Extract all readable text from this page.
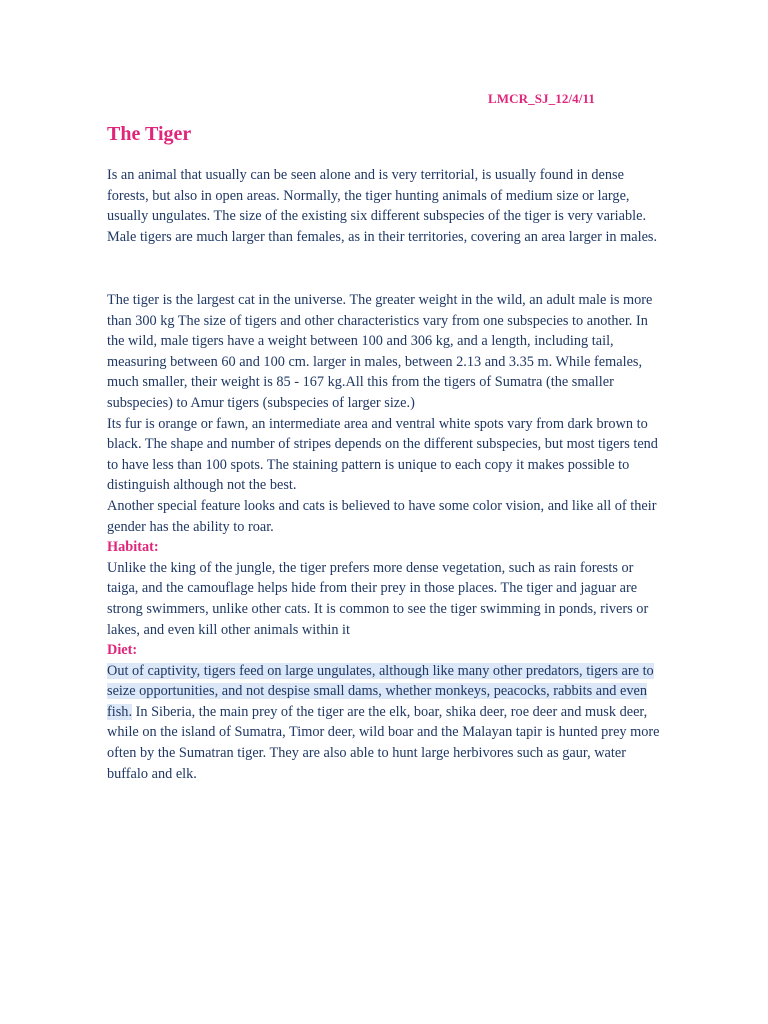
LMCR_SJ_12/4/11
The Tiger

Is an animal that usually can be seen alone and is very territorial, is usually found in dense forests, but also in open areas. Normally, the tiger hunting animals of medium size or large, usually ungulates. The size of the existing six different subspecies of the tiger is very variable. Male tigers are much larger than females, as in their territories, covering an area larger in males.

The tiger is the largest cat in the universe. The greater weight in the wild, an adult male is more than 300 kg The size of tigers and other characteristics vary from one subspecies to another. In the wild, male tigers have a weight between 100 and 306 kg, and a length, including tail, measuring between 60 and 100 cm. larger in males, between 2.13 and 3.35 m. While females, much smaller, their weight is 85 - 167 kg.All this from the tigers of Sumatra (the smaller subspecies) to Amur tigers (subspecies of larger size.)

Its fur is orange or fawn, an intermediate area and ventral white spots vary from dark brown to black. The shape and number of stripes depends on the different subspecies, but most tigers tend to have less than 100 spots. The staining pattern is unique to each copy it makes possible to distinguish although not the best.

Another special feature looks and cats is believed to have some color vision, and like all of their gender has the ability to roar.

Habitat:

Unlike the king of the jungle, the tiger prefers more dense vegetation, such as rain forests or taiga, and the camouflage helps hide from their prey in those places. The tiger and jaguar are strong swimmers, unlike other cats. It is common to see the tiger swimming in ponds, rivers or lakes, and even kill other animals within it

Diet:

Out of captivity, tigers feed on large ungulates, although like many other predators, tigers are to seize opportunities, and not despise small dams, whether monkeys, peacocks, rabbits and even fish. In Siberia, the main prey of the tiger are the elk, boar, shika deer, roe deer and musk deer, while on the island of Sumatra, Timor deer, wild boar and the Malayan tapir is hunted prey more often by the Sumatran tiger. They are also able to hunt large herbivores such as gaur, water buffalo and elk.
